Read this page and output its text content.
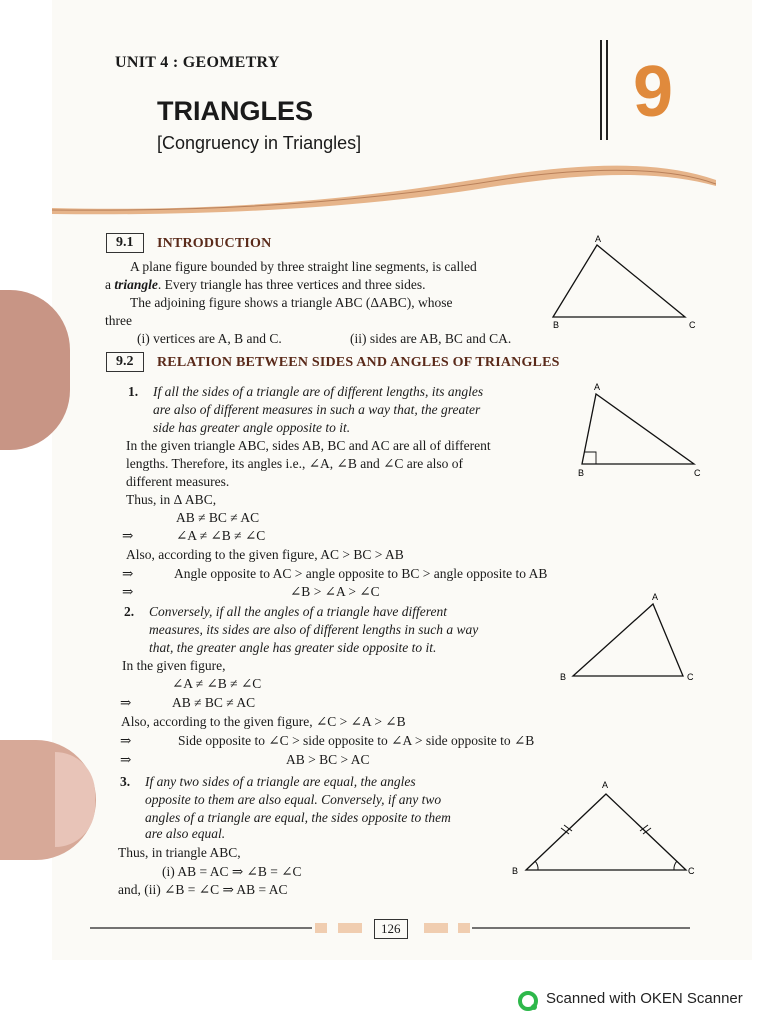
UNIT 4 : GEOMETRY
TRIANGLES
[Congruency in Triangles]
9
9.1	INTRODUCTION
A plane figure bounded by three straight line segments, is called
a triangle. Every triangle has three vertices and three sides.
The adjoining figure shows a triangle ABC (ΔABC), whose
three
(i) vertices are A, B and C.	(ii) sides are AB, BC and CA.
A
B	C
9.2	RELATION BETWEEN SIDES AND ANGLES OF TRIANGLES
1. If all the sides of a triangle are of different lengths, its angles
are also of different measures in such a way that, the greater
side has greater angle opposite to it.
In the given triangle ABC, sides AB, BC and AC are all of different
lengths. Therefore, its angles i.e., ∠A, ∠B and ∠C are also of
different measures.
Thus, in Δ ABC,
AB ≠ BC ≠ AC
⇒	∠A ≠ ∠B ≠ ∠C
Also, according to the given figure, AC > BC > AB
⇒	Angle opposite to AC > angle opposite to BC > angle opposite to AB
⇒	∠B > ∠A > ∠C
A
B	C
2. Conversely, if all the angles of a triangle have different
measures, its sides are also of different lengths in such a way
that, the greater angle has greater side opposite to it.
In the given figure,
∠A ≠ ∠B ≠ ∠C
⇒	AB ≠ BC ≠ AC
Also, according to the given figure, ∠C > ∠A > ∠B
⇒	Side opposite to ∠C > side opposite to ∠A > side opposite to ∠B
⇒	AB > BC > AC
A
B	C
3. If any two sides of a triangle are equal, the angles
opposite to them are also equal. Conversely, if any two
angles of a triangle are equal, the sides opposite to them
are also equal.
Thus, in triangle ABC,
(i) AB = AC ⇒ ∠B = ∠C
and, (ii) ∠B = ∠C ⇒ AB = AC
A
B	C
126
Scanned with OKEN Scanner
